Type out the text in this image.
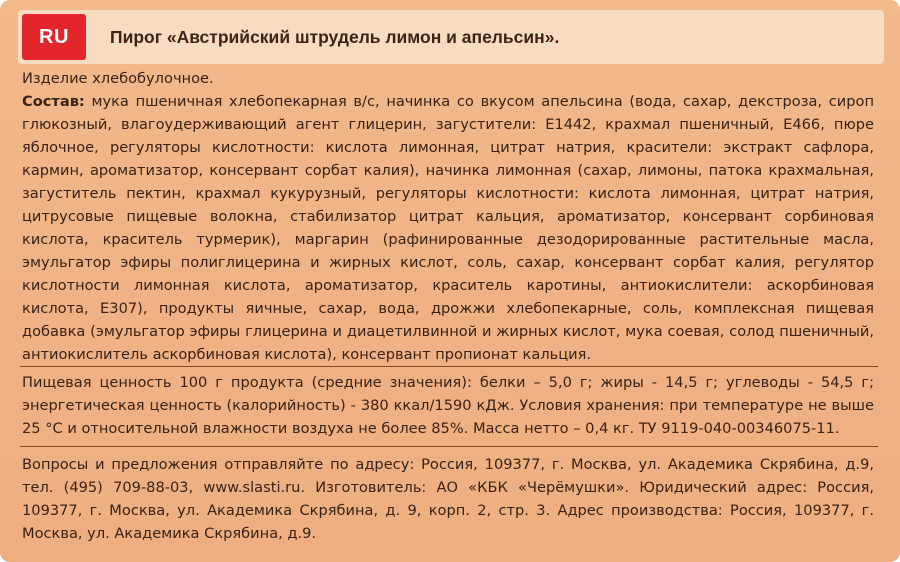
RU	Пирог «Австрийский штрудель лимон и апельсин».

Изделие хлебобулочное.

Состав: мука пшеничная хлебопекарная в/с, начинка со вкусом апельсина (вода, сахар, декстроза, сироп глюкозный, влагоудерживающий агент глицерин, загустители: Е1442, крахмал пшеничный, Е466, пюре яблочное, регуляторы кислотности: кислота лимонная, цитрат натрия, красители: экстракт сафлора, кармин, ароматизатор, консервант сорбат калия), начинка лимонная (сахар, лимоны, патока крахмальная, загуститель пектин, крахмал кукурузный, регуляторы кислотности: кислота лимонная, цитрат натрия, цитрусовые пищевые волокна, стабилизатор цитрат кальция, ароматизатор, консервант сорбиновая кислота, краситель турмерик), маргарин (рафинированные дезодорированные растительные масла, эмульгатор эфиры полиглицерина и жирных кислот, соль, сахар, консервант сорбат калия, регулятор кислотности лимонная кислота, ароматизатор, краситель каротины, антиокислители: аскорбиновая кислота, Е307), продукты яичные, сахар, вода, дрожжи хлебопекарные, соль, комплексная пищевая добавка (эмульгатор эфиры глицерина и диацетилвинной и жирных кислот, мука соевая, солод пшеничный, антиокислитель аскорбиновая кислота), консервант пропионат кальция.

Пищевая ценность 100 г продукта (средние значения): белки – 5,0 г; жиры - 14,5 г; углеводы - 54,5 г; энергетическая ценность (калорийность) - 380 ккал/1590 кДж. Условия хранения: при температуре не выше 25 °С и относительной влажности воздуха не более 85%. Масса нетто – 0,4 кг. ТУ 9119-040-00346075-11.

Вопросы и предложения отправляйте по адресу: Россия, 109377, г. Москва, ул. Академика Скрябина, д.9, тел. (495) 709-88-03, www.slasti.ru. Изготовитель: АО «КБК «Черёмушки». Юридический адрес: Россия, 109377, г. Москва, ул. Академика Скрябина, д. 9, корп. 2, стр. 3. Адрес производства: Россия, 109377, г. Москва, ул. Академика Скрябина, д.9.
